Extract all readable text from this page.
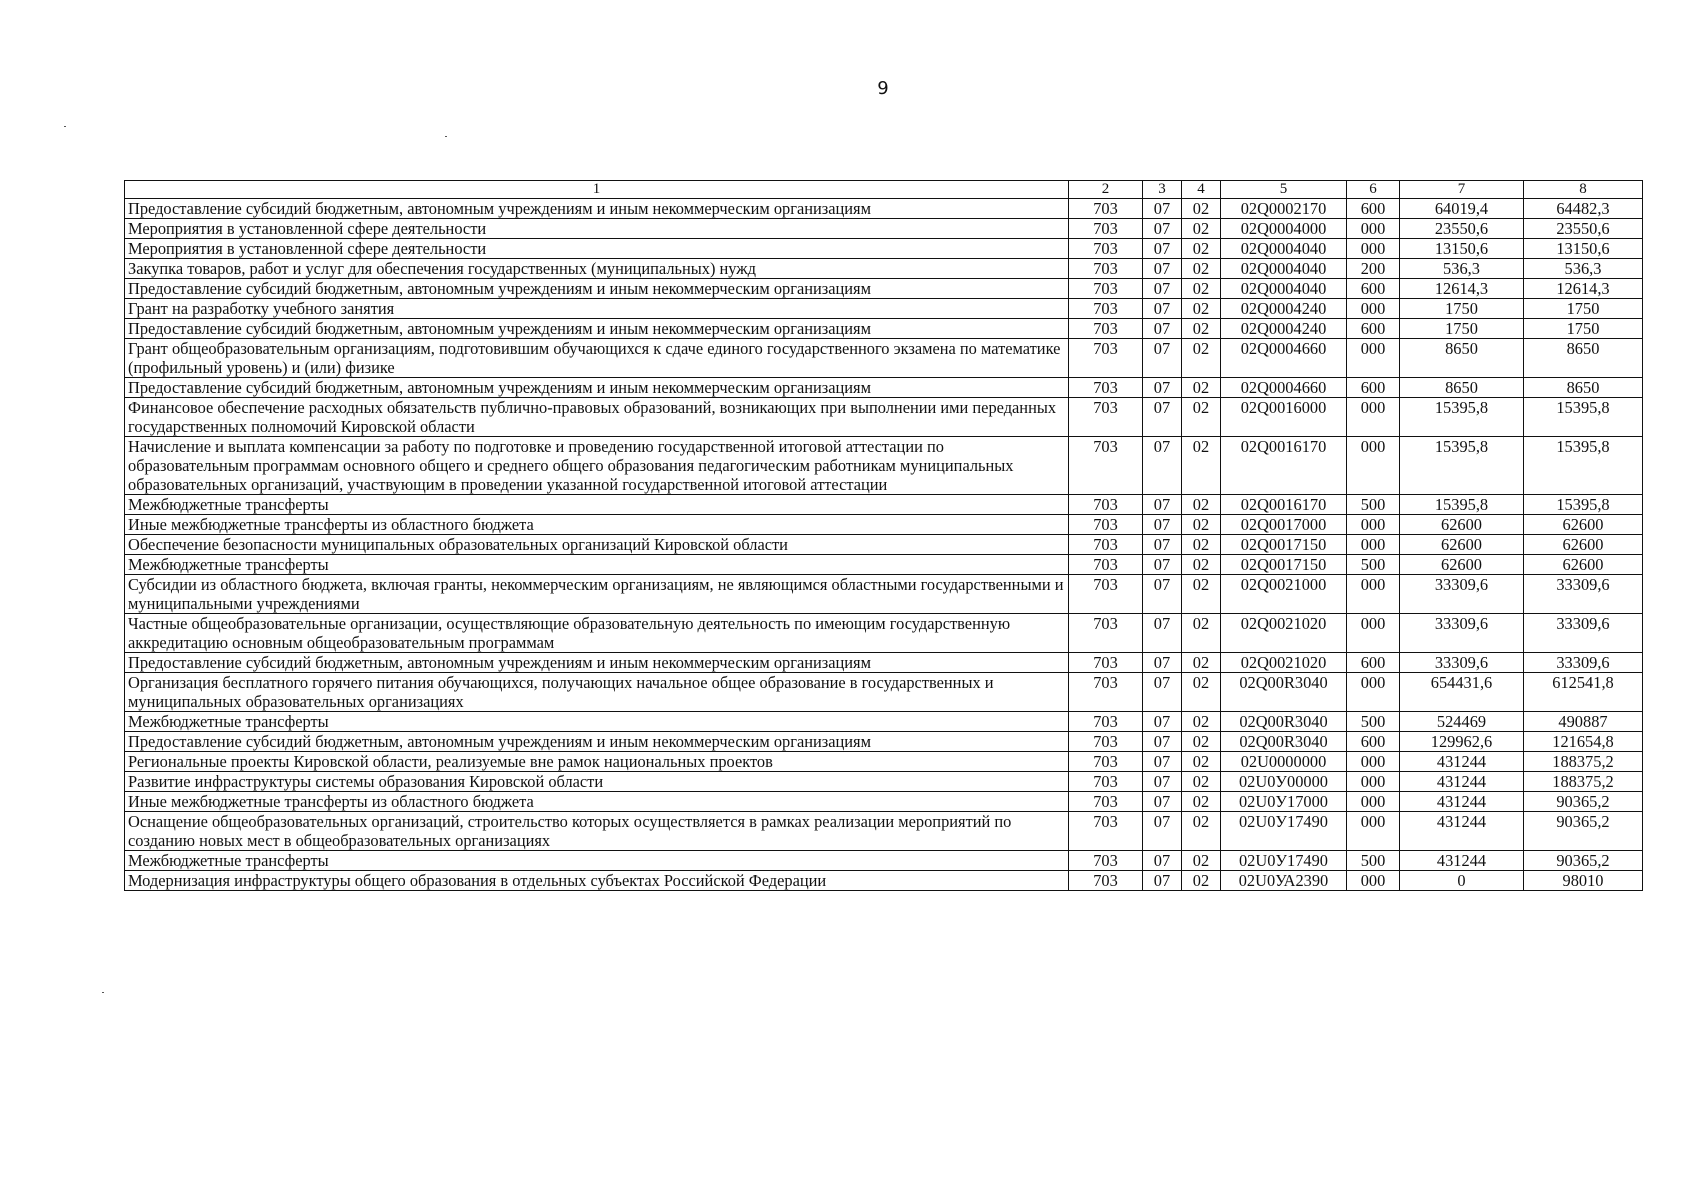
9
1	2	3	4	5	6	7	8
Предоставление субсидий бюджетным, автономным учреждениям и иным некоммерческим организациям	703	07	02	02Q0002170	600	64019,4	64482,3
Мероприятия в установленной сфере деятельности	703	07	02	02Q0004000	000	23550,6	23550,6
Мероприятия в установленной сфере деятельности	703	07	02	02Q0004040	000	13150,6	13150,6
Закупка товаров, работ и услуг для обеспечения государственных (муниципальных) нужд	703	07	02	02Q0004040	200	536,3	536,3
Предоставление субсидий бюджетным, автономным учреждениям и иным некоммерческим организациям	703	07	02	02Q0004040	600	12614,3	12614,3
Грант на разработку учебного занятия	703	07	02	02Q0004240	000	1750	1750
Предоставление субсидий бюджетным, автономным учреждениям и иным некоммерческим организациям	703	07	02	02Q0004240	600	1750	1750
Грант общеобразовательным организациям, подготовившим обучающихся к сдаче единого государственного экзамена по математике (профильный уровень) и (или) физике	703	07	02	02Q0004660	000	8650	8650
Предоставление субсидий бюджетным, автономным учреждениям и иным некоммерческим организациям	703	07	02	02Q0004660	600	8650	8650
Финансовое обеспечение расходных обязательств публично-правовых образований, возникающих при выполнении ими переданных государственных полномочий Кировской области	703	07	02	02Q0016000	000	15395,8	15395,8
Начисление и выплата компенсации за работу по подготовке и проведению государственной итоговой аттестации по образовательным программам основного общего и среднего общего образования педагогическим работникам муниципальных образовательных организаций, участвующим в проведении указанной государственной итоговой аттестации	703	07	02	02Q0016170	000	15395,8	15395,8
Межбюджетные трансферты	703	07	02	02Q0016170	500	15395,8	15395,8
Иные межбюджетные трансферты из областного бюджета	703	07	02	02Q0017000	000	62600	62600
Обеспечение безопасности муниципальных образовательных организаций Кировской области	703	07	02	02Q0017150	000	62600	62600
Межбюджетные трансферты	703	07	02	02Q0017150	500	62600	62600
Субсидии из областного бюджета, включая гранты, некоммерческим организациям, не являющимся областными государственными и муниципальными учреждениями	703	07	02	02Q0021000	000	33309,6	33309,6
Частные общеобразовательные организации, осуществляющие образовательную деятельность по имеющим государственную аккредитацию основным общеобразовательным программам	703	07	02	02Q0021020	000	33309,6	33309,6
Предоставление субсидий бюджетным, автономным учреждениям и иным некоммерческим организациям	703	07	02	02Q0021020	600	33309,6	33309,6
Организация бесплатного горячего питания обучающихся, получающих начальное общее образование в государственных и муниципальных образовательных организациях	703	07	02	02Q00R3040	000	654431,6	612541,8
Межбюджетные трансферты	703	07	02	02Q00R3040	500	524469	490887
Предоставление субсидий бюджетным, автономным учреждениям и иным некоммерческим организациям	703	07	02	02Q00R3040	600	129962,6	121654,8
Региональные проекты Кировской области, реализуемые вне рамок национальных проектов	703	07	02	02U0000000	000	431244	188375,2
Развитие инфраструктуры системы образования Кировской области	703	07	02	02U0У00000	000	431244	188375,2
Иные межбюджетные трансферты из областного бюджета	703	07	02	02U0У17000	000	431244	90365,2
Оснащение общеобразовательных организаций, строительство которых осуществляется в рамках реализации мероприятий по созданию новых мест в общеобразовательных организациях	703	07	02	02U0У17490	000	431244	90365,2
Межбюджетные трансферты	703	07	02	02U0У17490	500	431244	90365,2
Модернизация инфраструктуры общего образования в отдельных субъектах Российской Федерации	703	07	02	02U0УА2390	000	0	98010
